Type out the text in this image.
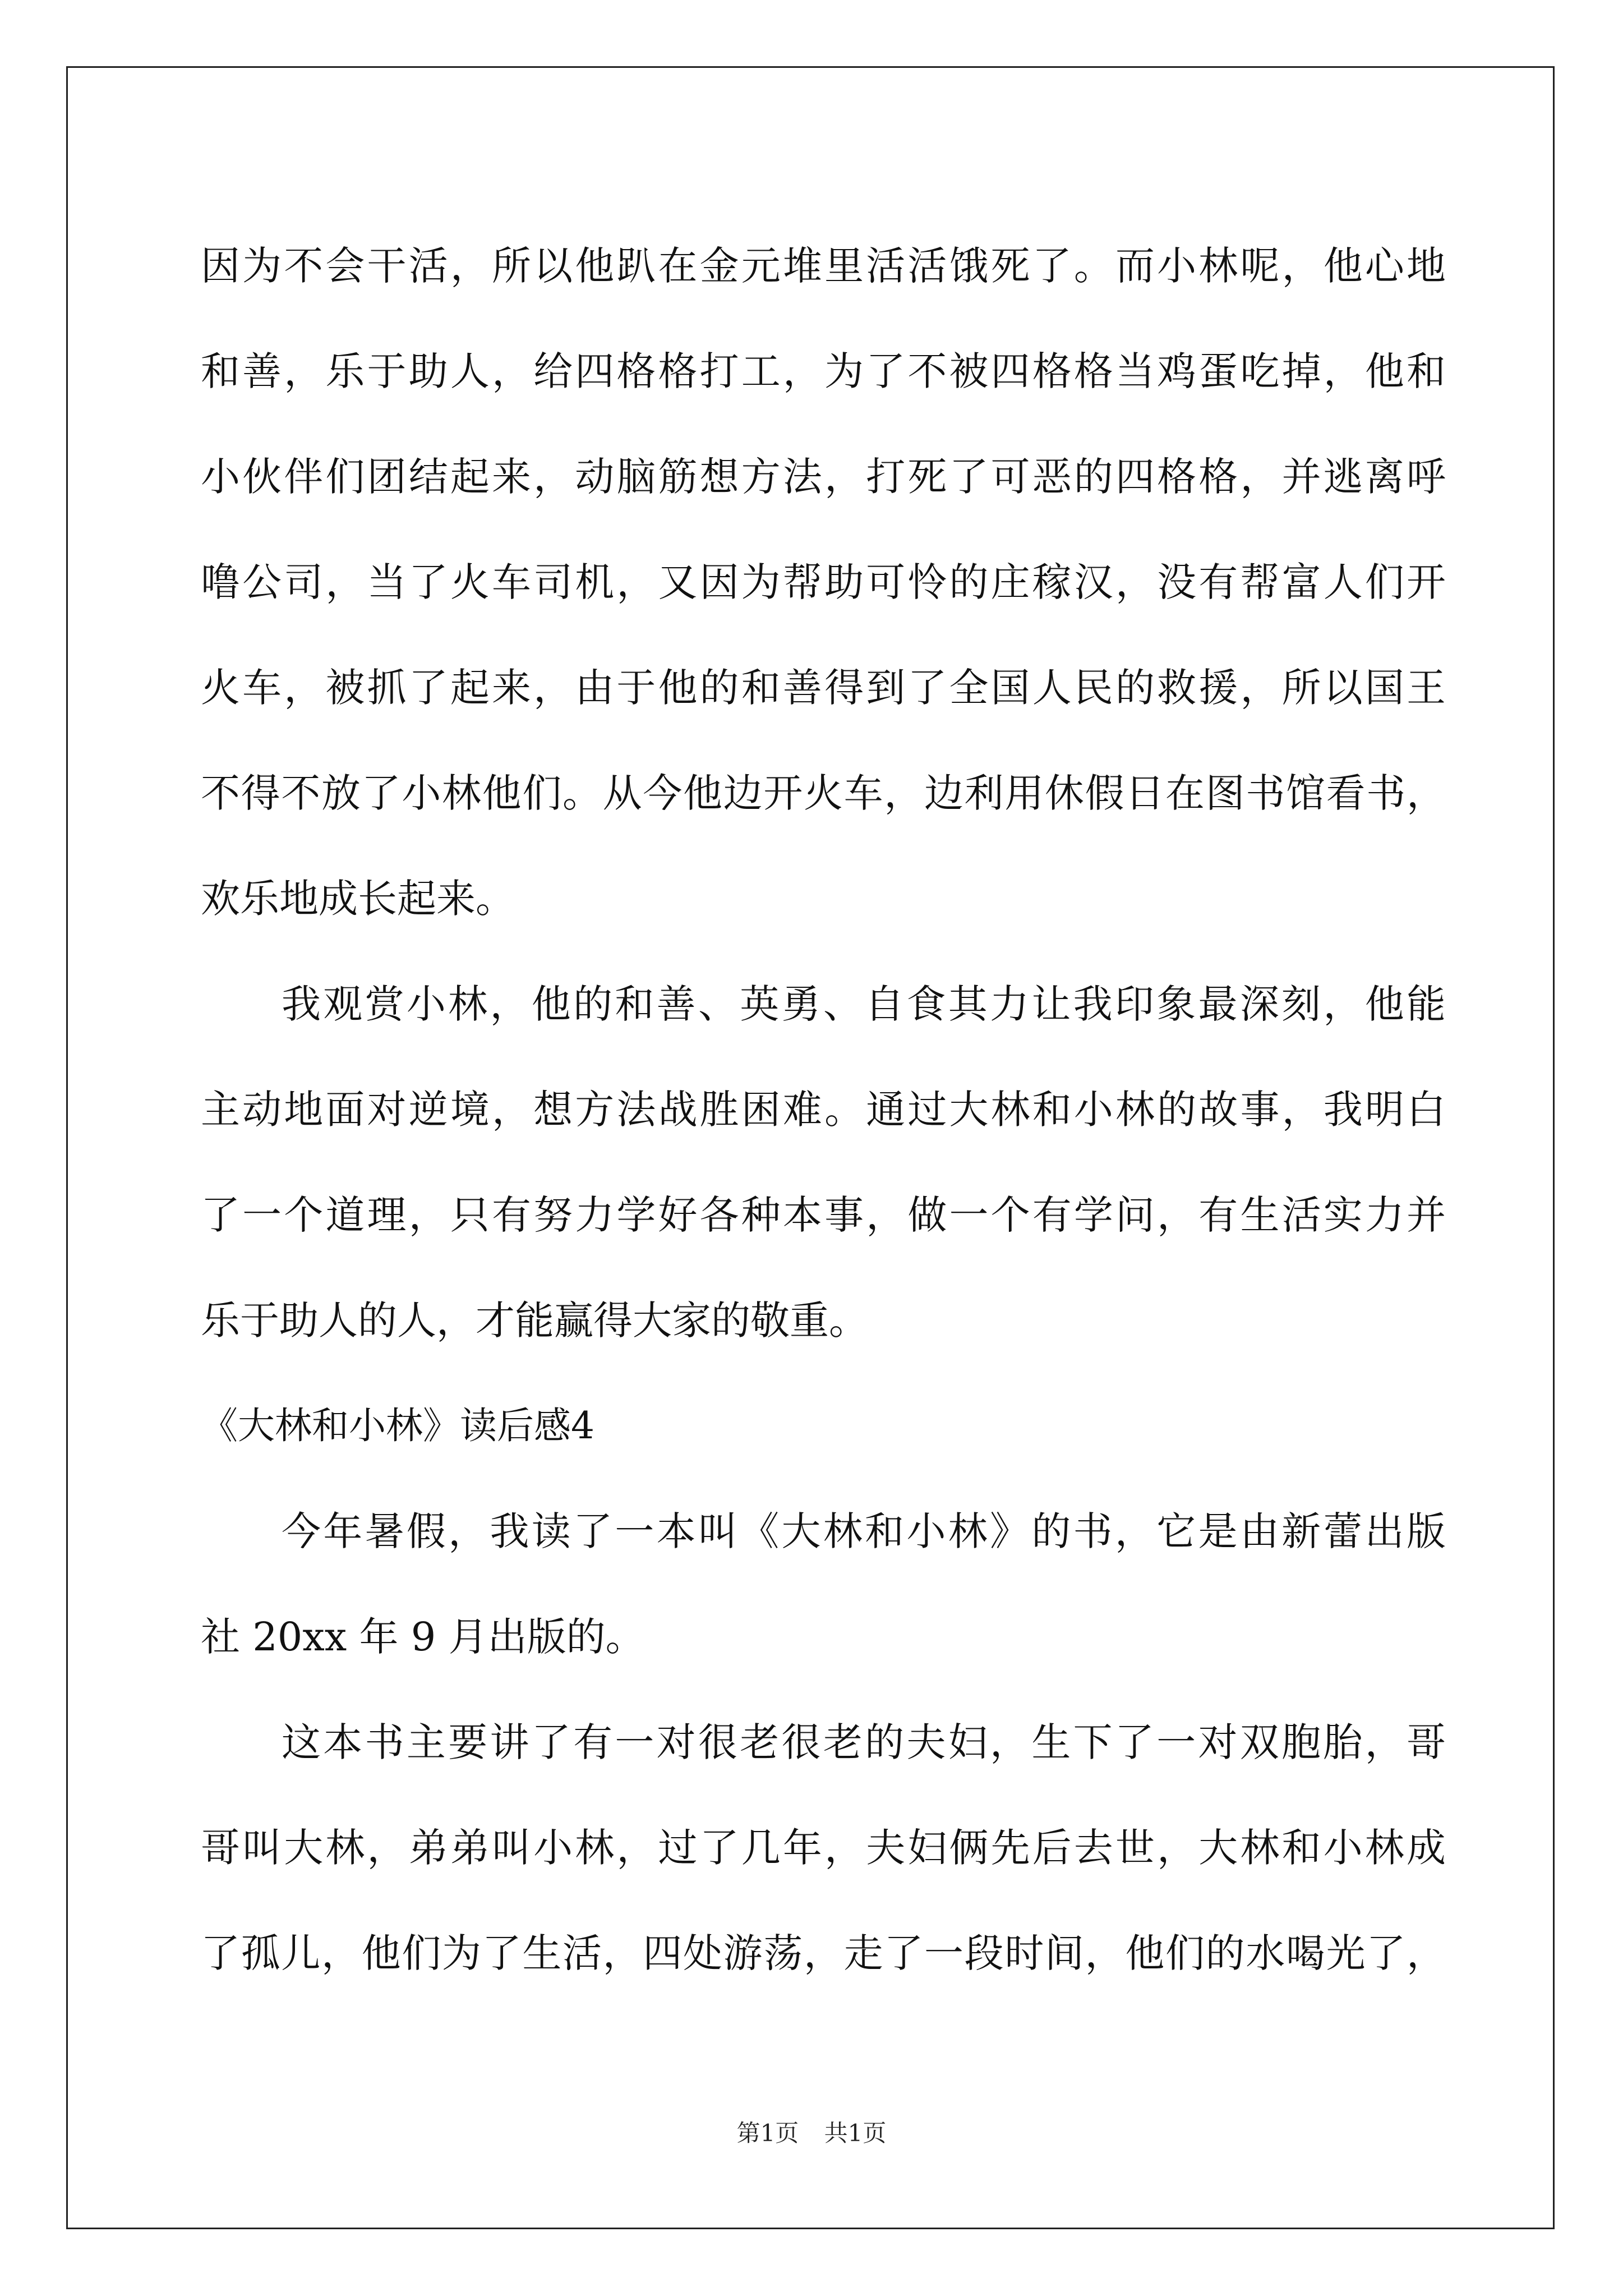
因为不会干活，所以他趴在金元堆里活活饿死了。而小林呢，他心地
和善，乐于助人，给四格格打工，为了不被四格格当鸡蛋吃掉，他和
小伙伴们团结起来，动脑筋想方法，打死了可恶的四格格，并逃离呼
噜公司，当了火车司机，又因为帮助可怜的庄稼汉，没有帮富人们开
火车，被抓了起来，由于他的和善得到了全国人民的救援，所以国王
不得不放了小林他们。从今他边开火车，边利用休假日在图书馆看书，
欢乐地成长起来。
我观赏小林，他的和善、英勇、自食其力让我印象最深刻，他能
主动地面对逆境，想方法战胜困难。通过大林和小林的故事，我明白
了一个道理，只有努力学好各种本事，做一个有学问，有生活实力并
乐于助人的人，才能赢得大家的敬重。
《大林和小林》读后感4
今年暑假，我读了一本叫《大林和小林》的书，它是由新蕾出版
社 20xx 年 9 月出版的。
这本书主要讲了有一对很老很老的夫妇，生下了一对双胞胎，哥
哥叫大林，弟弟叫小林，过了几年，夫妇俩先后去世，大林和小林成
了孤儿，他们为了生活，四处游荡，走了一段时间，他们的水喝光了，
第1页 共1页
